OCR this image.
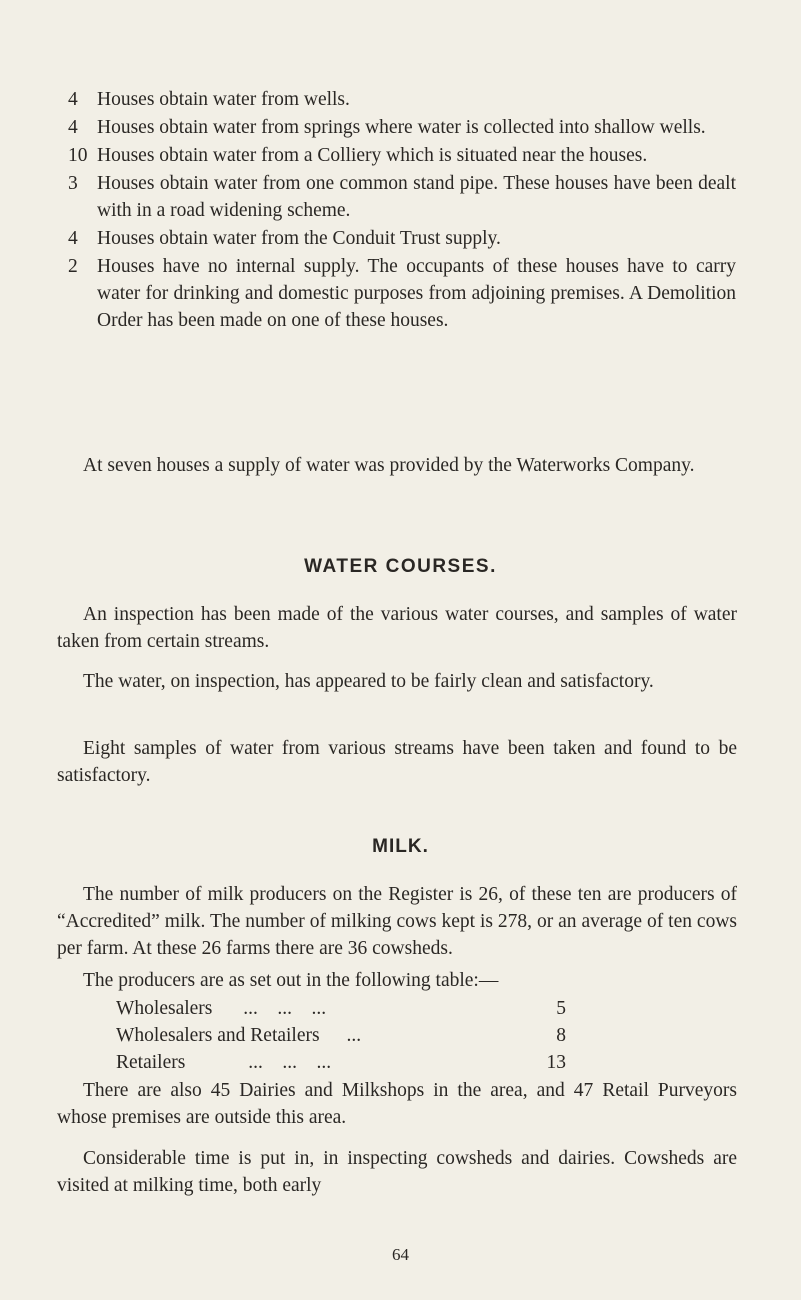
4 Houses obtain water from wells.
4 Houses obtain water from springs where water is collected into shallow wells.
10 Houses obtain water from a Colliery which is situated near the houses.
3 Houses obtain water from one common stand pipe. These houses have been dealt with in a road widening scheme.
4 Houses obtain water from the Conduit Trust supply.
2 Houses have no internal supply. The occupants of these houses have to carry water for drinking and domestic purposes from adjoining premises. A Demolition Order has been made on one of these houses.

At seven houses a supply of water was provided by the Waterworks Company.

WATER COURSES.

An inspection has been made of the various water courses, and samples of water taken from certain streams.

The water, on inspection, has appeared to be fairly clean and satisfactory.

Eight samples of water from various streams have been taken and found to be satisfactory.

MILK.

The number of milk producers on the Register is 26, of these ten are producers of “Accredited” milk. The number of milking cows kept is 278, or an average of ten cows per farm. At these 26 farms there are 36 cowsheds.

The producers are as set out in the following table:—

Wholesalers ... ... ...	5
Wholesalers and Retailers ...	8
Retailers	... ... ...	13

There are also 45 Dairies and Milkshops in the area, and 47 Retail Purveyors whose premises are outside this area.

Considerable time is put in, in inspecting cowsheds and dairies. Cowsheds are visited at milking time, both early

64
